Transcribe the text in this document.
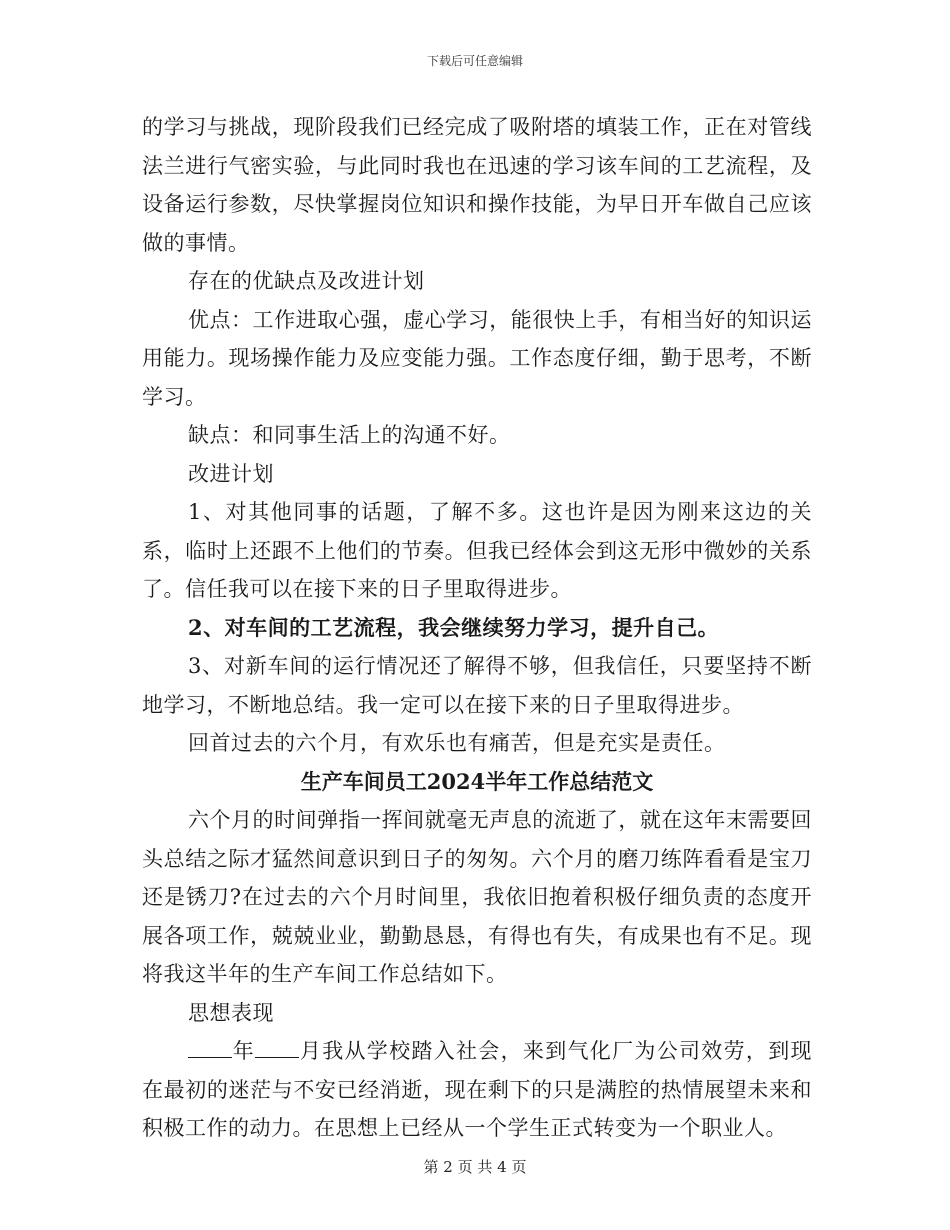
下载后可任意编辑

的学习与挑战，现阶段我们已经完成了吸附塔的填装工作，正在对管线法兰进行气密实验，与此同时我也在迅速的学习该车间的工艺流程，及设备运行参数，尽快掌握岗位知识和操作技能，为早日开车做自己应该做的事情。

存在的优缺点及改进计划

优点：工作进取心强，虚心学习，能很快上手，有相当好的知识运用能力。现场操作能力及应变能力强。工作态度仔细，勤于思考，不断学习。

缺点：和同事生活上的沟通不好。

改进计划

1、对其他同事的话题，了解不多。这也许是因为刚来这边的关系，临时上还跟不上他们的节奏。但我已经体会到这无形中微妙的关系了。信任我可以在接下来的日子里取得进步。

2、对车间的工艺流程，我会继续努力学习，提升自己。

3、对新车间的运行情况还了解得不够，但我信任，只要坚持不断地学习，不断地总结。我一定可以在接下来的日子里取得进步。

回首过去的六个月，有欢乐也有痛苦，但是充实是责任。

生产车间员工2024半年工作总结范文

六个月的时间弹指一挥间就毫无声息的流逝了，就在这年末需要回头总结之际才猛然间意识到日子的匆匆。六个月的磨刀练阵看看是宝刀还是锈刀?在过去的六个月时间里，我依旧抱着积极仔细负责的态度开展各项工作，兢兢业业，勤勤恳恳，有得也有失，有成果也有不足。现将我这半年的生产车间工作总结如下。

思想表现

年 月我从学校踏入社会，来到气化厂为公司效劳，到现在最初的迷茫与不安已经消逝，现在剩下的只是满腔的热情展望未来和积极工作的动力。在思想上已经从一个学生正式转变为一个职业人。

第 2 页 共 4 页
